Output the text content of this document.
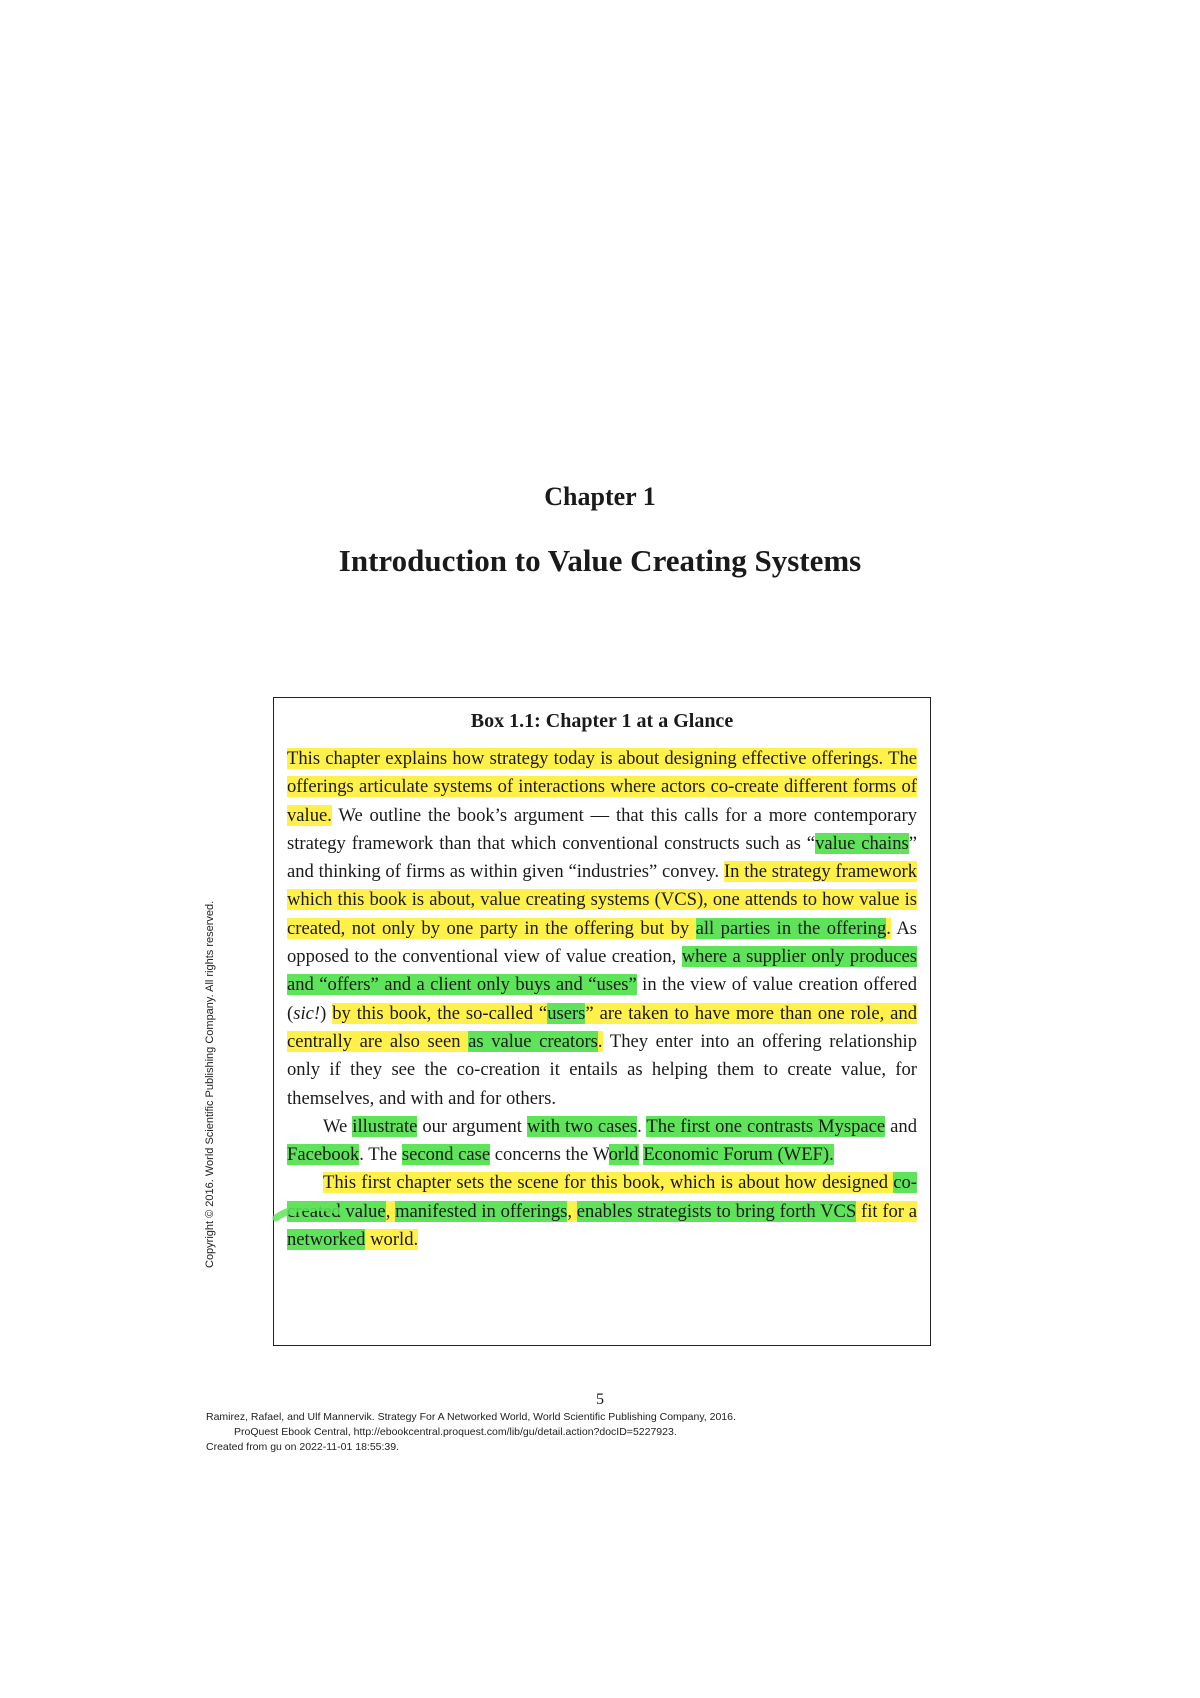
Chapter 1
Introduction to Value Creating Systems
Box 1.1: Chapter 1 at a Glance

This chapter explains how strategy today is about designing effective offerings. The offerings articulate systems of interactions where actors co-create different forms of value. We outline the book’s argument — that this calls for a more contemporary strategy framework than that which conventional constructs such as “value chains” and thinking of firms as within given “industries” convey. In the strategy framework which this book is about, value creating systems (VCS), one attends to how value is created, not only by one party in the offering but by all parties in the offering. As opposed to the conventional view of value creation, where a supplier only produces and “offers” and a client only buys and “uses” in the view of value creation offered (sic!) by this book, the so-called “users” are taken to have more than one role, and centrally are also seen as value creators. They enter into an offering relationship only if they see the co-creation it entails as helping them to create value, for themselves, and with and for others.

We illustrate our argument with two cases. The first one contrasts Myspace and Facebook. The second case concerns the World Economic Forum (WEF).

This first chapter sets the scene for this book, which is about how designed co-created value, manifested in offerings, enables strategists to bring forth VCS fit for a networked world.

Copyright © 2016. World Scientific Publishing Company. All rights reserved.
5
Ramirez, Rafael, and Ulf Mannervik. Strategy For A Networked World, World Scientific Publishing Company, 2016.
ProQuest Ebook Central, http://ebookcentral.proquest.com/lib/gu/detail.action?docID=5227923.
Created from gu on 2022-11-01 18:55:39.
